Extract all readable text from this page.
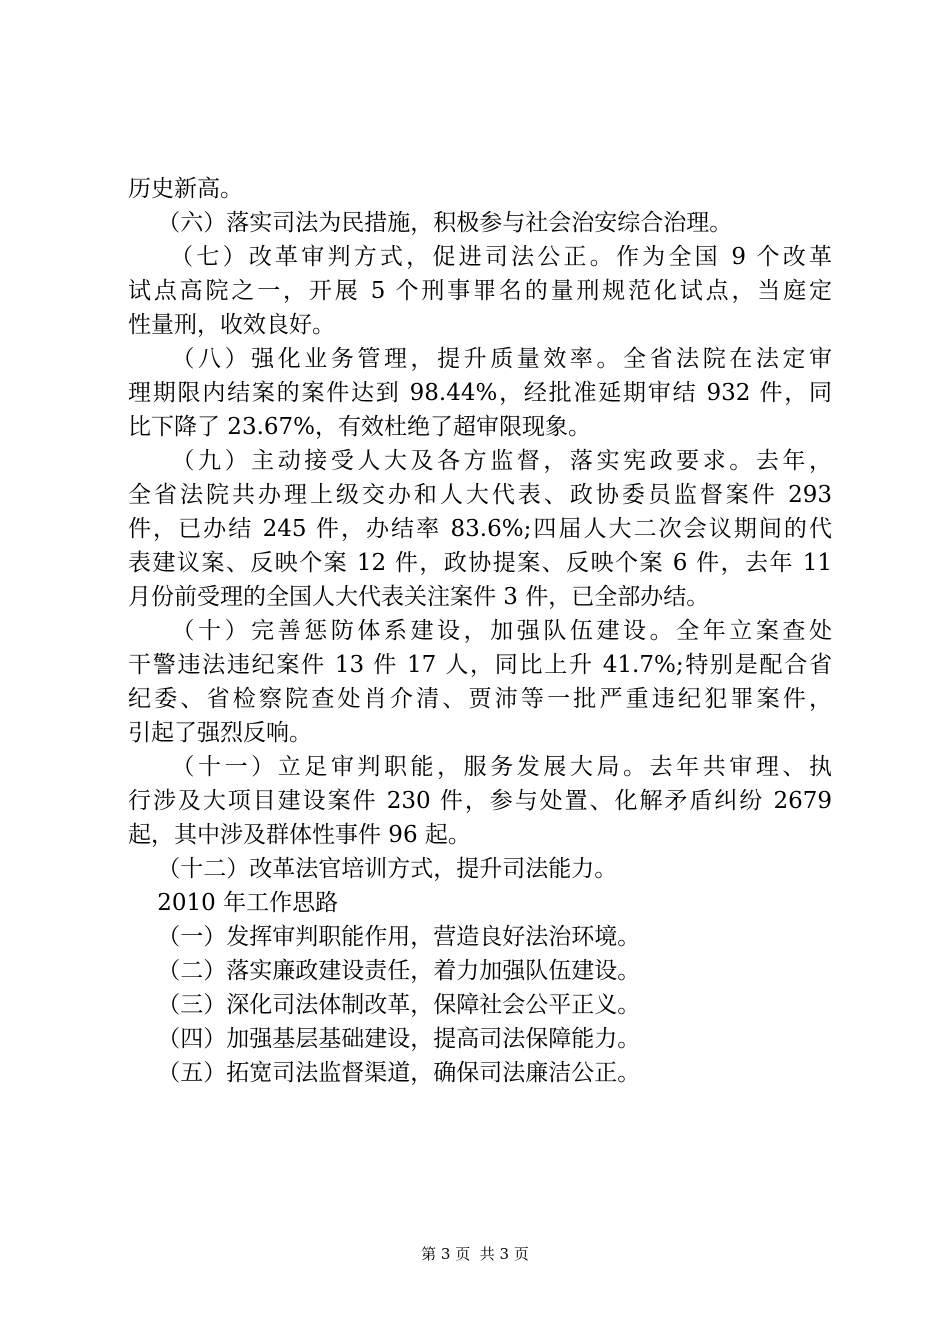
历史新高。
（六）落实司法为民措施，积极参与社会治安综合治理。
（七）改革审判方式，促进司法公正。作为全国 9 个改革
试点高院之一，开展 5 个刑事罪名的量刑规范化试点，当庭定
性量刑，收效良好。
（八）强化业务管理，提升质量效率。全省法院在法定审
理期限内结案的案件达到 98.44%，经批准延期审结 932 件，同
比下降了 23.67%，有效杜绝了超审限现象。
（九）主动接受人大及各方监督，落实宪政要求。去年，
全省法院共办理上级交办和人大代表、政协委员监督案件 293
件，已办结 245 件，办结率 83.6%;四届人大二次会议期间的代
表建议案、反映个案 12 件，政协提案、反映个案 6 件，去年 11
月份前受理的全国人大代表关注案件 3 件，已全部办结。
（十）完善惩防体系建设，加强队伍建设。全年立案查处
干警违法违纪案件 13 件 17 人，同比上升 41.7%;特别是配合省
纪委、省检察院查处肖介清、贾沛等一批严重违纪犯罪案件，
引起了强烈反响。
（十一）立足审判职能，服务发展大局。去年共审理、执
行涉及大项目建设案件 230 件，参与处置、化解矛盾纠纷 2679
起，其中涉及群体性事件 96 起。
（十二）改革法官培训方式，提升司法能力。
2010 年工作思路
（一）发挥审判职能作用，营造良好法治环境。
（二）落实廉政建设责任，着力加强队伍建设。
（三）深化司法体制改革，保障社会公平正义。
（四）加强基层基础建设，提高司法保障能力。
（五）拓宽司法监督渠道，确保司法廉洁公正。
第 3 页  共 3 页
